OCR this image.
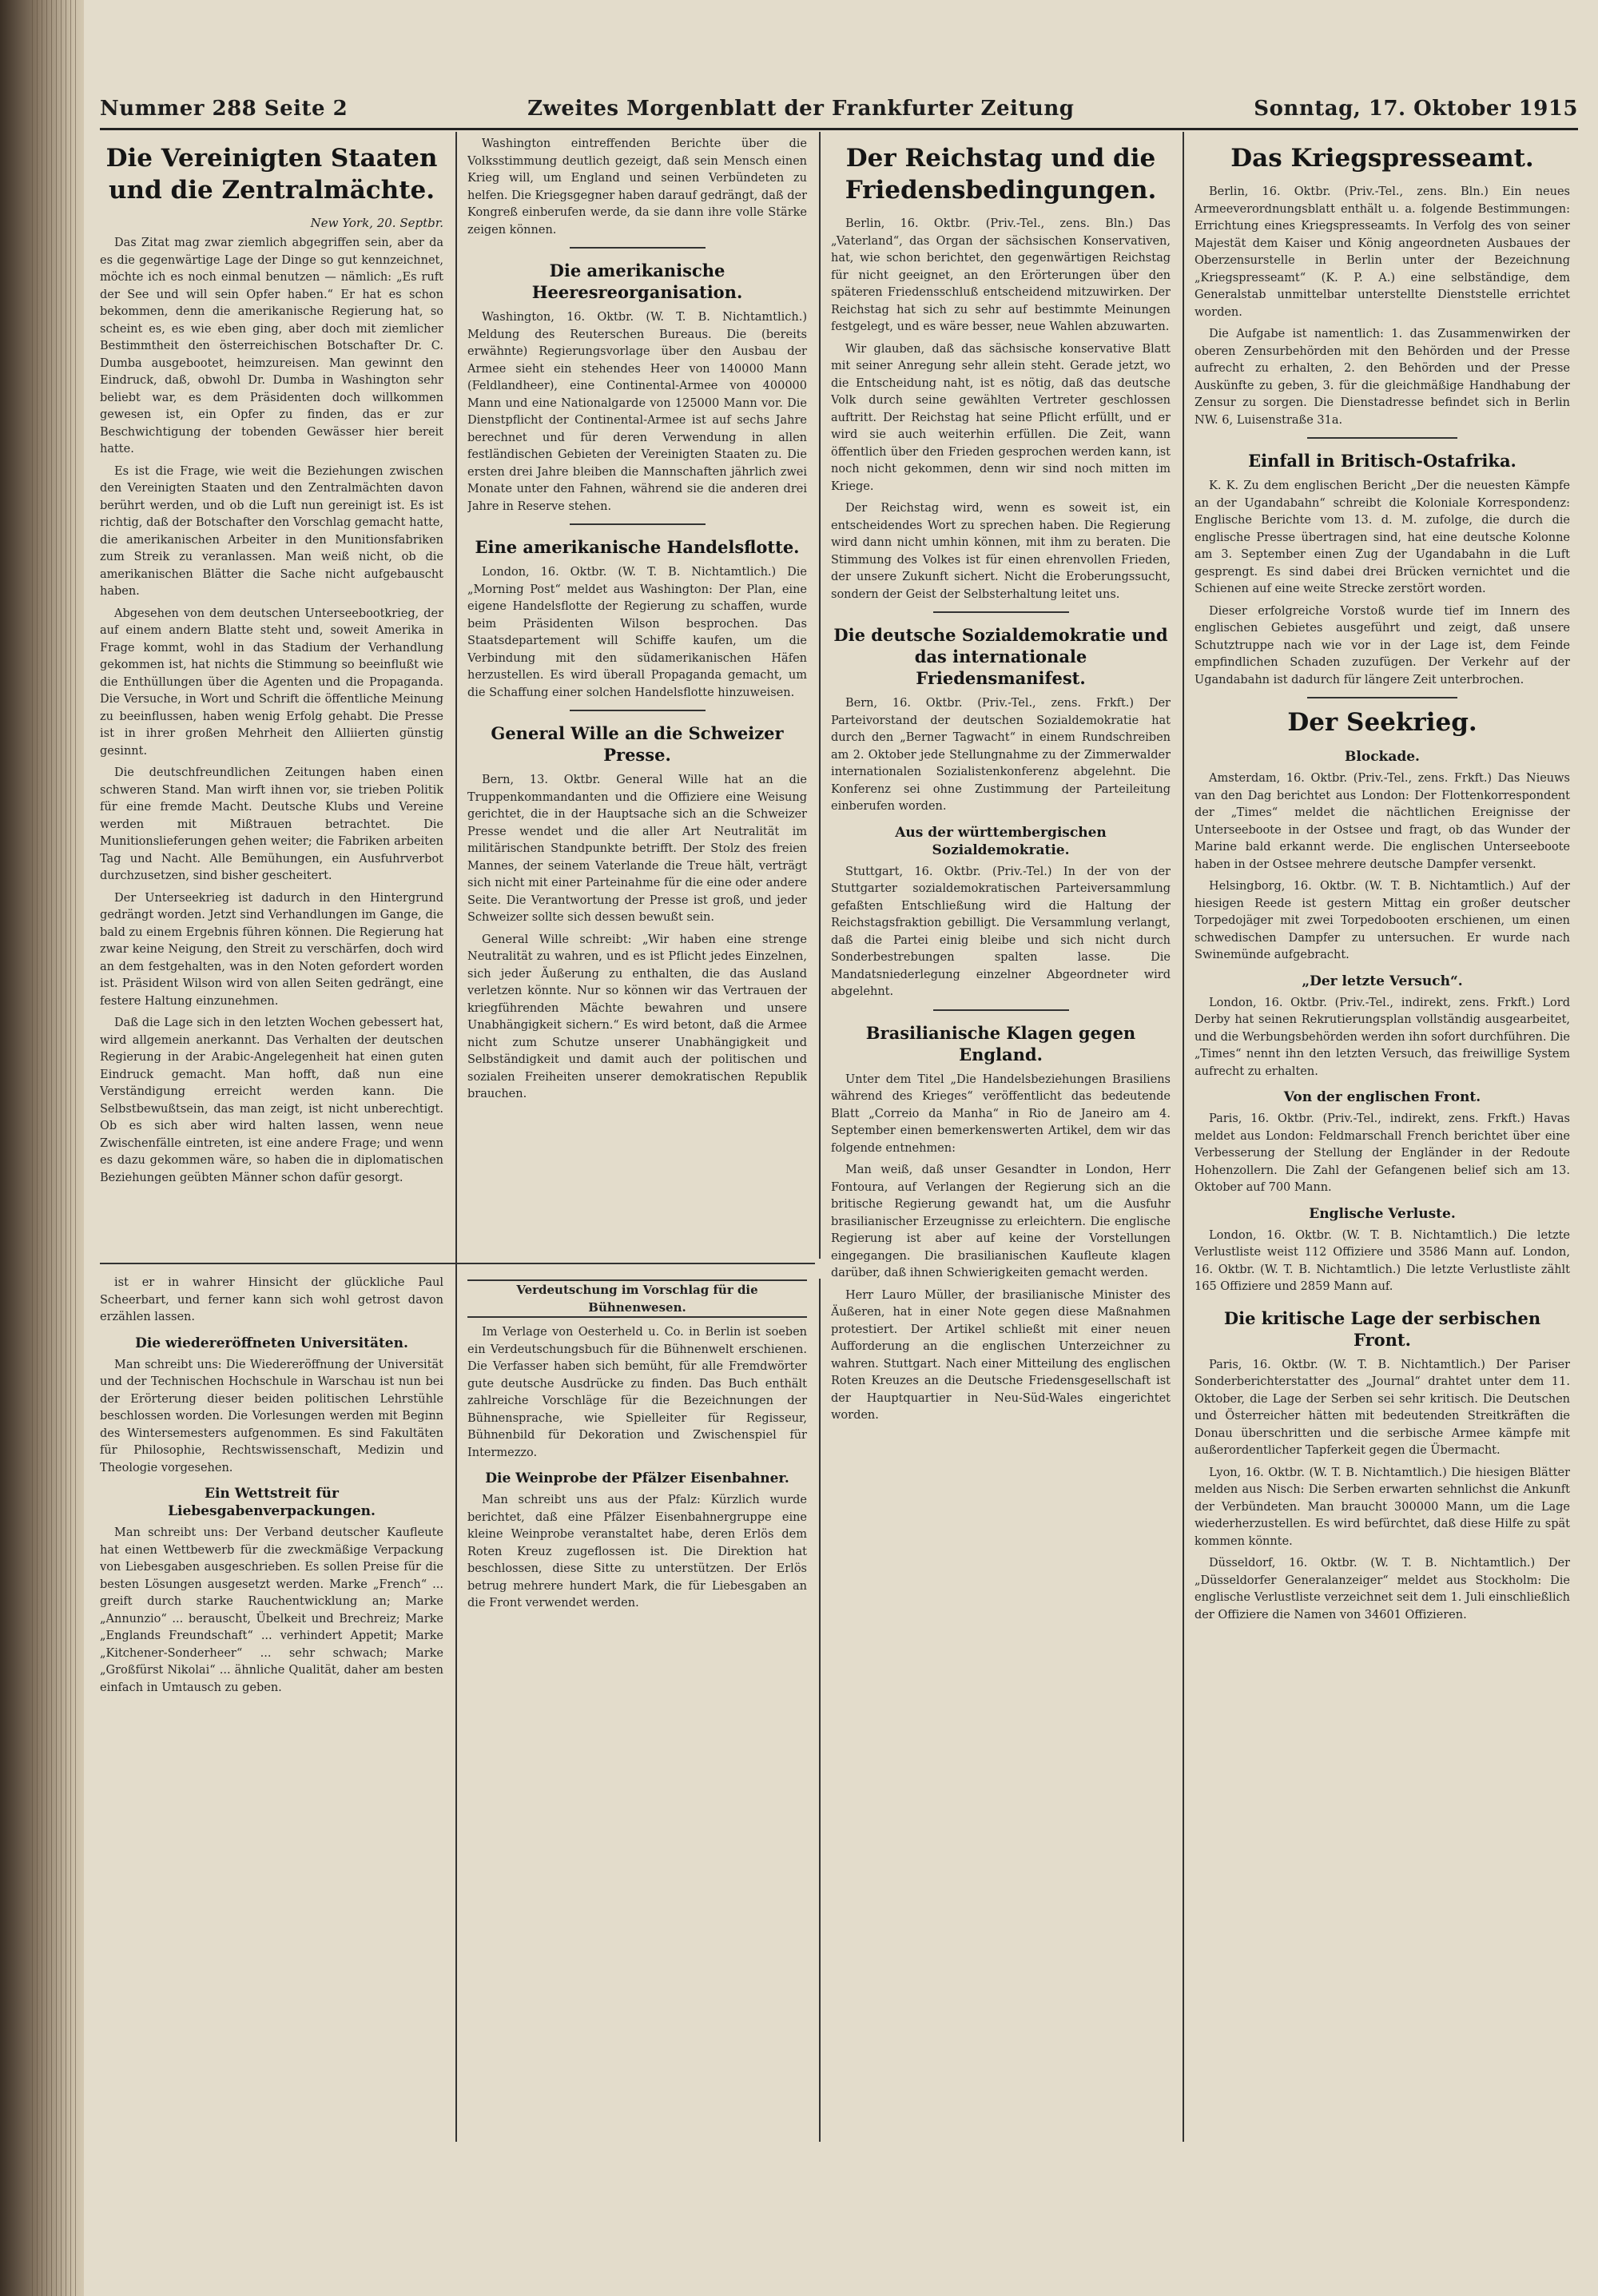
Nummer 288 Seite 2	Zweites Morgenblatt der Frankfurter Zeitung	Sonntag, 17. Oktober 1915
Die Vereinigten Staaten und die Zentralmächte.
New York, 20. Septbr.

Das Zitat mag zwar ziemlich abgegriffen sein, aber da es die gegenwärtige Lage der Dinge so gut kennzeichnet, möchte ich es noch einmal benutzen — nämlich: „Es ruft der See und will sein Opfer haben.“ Er hat es schon bekommen, denn die amerikanische Regierung hat, so scheint es, es wie eben ging, aber doch mit ziemlicher Bestimmtheit den österreichischen Botschafter Dr. C. Dumba ausgebootet, heimzureisen. Man gewinnt den Eindruck, daß, obwohl Dr. Dumba in Washington sehr beliebt war, es dem Präsidenten doch willkommen gewesen ist, ein Opfer zu finden, das er zur Beschwichtigung der tobenden Gewässer hier bereit hatte.

Es ist die Frage, wie weit die Beziehungen zwischen den Vereinigten Staaten und den Zentralmächten davon berührt werden, und ob die Luft nun gereinigt ist. Es ist richtig, daß der Botschafter den Vorschlag gemacht hatte, die amerikanischen Arbeiter in den Munitionsfabriken zum Streik zu veranlassen. Man weiß nicht, ob die amerikanischen Blätter die Sache nicht aufgebauscht haben.

Abgesehen von dem deutschen Unterseebootkrieg, der auf einem andern Blatte steht und, soweit Amerika in Frage kommt, wohl in das Stadium der Verhandlung gekommen ist, hat nichts die Stimmung so beeinflußt wie die Enthüllungen über die Agenten und die Propaganda. Die Versuche, in Wort und Schrift die öffentliche Meinung zu beeinflussen, haben wenig Erfolg gehabt. Die Presse ist in ihrer großen Mehrheit den Alliierten günstig gesinnt.

Die deutschfreundlichen Zeitungen haben einen schweren Stand. Man wirft ihnen vor, sie trieben Politik für eine fremde Macht. Deutsche Klubs und Vereine werden mit Mißtrauen betrachtet. Die Munitionslieferungen gehen weiter; die Fabriken arbeiten Tag und Nacht. Alle Bemühungen, ein Ausfuhrverbot durchzusetzen, sind bisher gescheitert.

Der Unterseekrieg ist dadurch in den Hintergrund gedrängt worden. Jetzt sind Verhandlungen im Gange, die bald zu einem Ergebnis führen können. Die Regierung hat zwar keine Neigung, den Streit zu verschärfen, doch wird an dem festgehalten, was in den Noten gefordert worden ist. Präsident Wilson wird von allen Seiten gedrängt, eine festere Haltung einzunehmen.

Daß die Lage sich in den letzten Wochen gebessert hat, wird allgemein anerkannt. Das Verhalten der deutschen Regierung in der Arabic-Angelegenheit hat einen guten Eindruck gemacht. Man hofft, daß nun eine Verständigung erreicht werden kann. Die Selbstbewußtsein, das man zeigt, ist nicht unberechtigt. Ob es sich aber wird halten lassen, wenn neue Zwischenfälle eintreten, ist eine andere Frage; und wenn es dazu gekommen wäre, so haben die in diplomatischen Beziehungen geübten Männer schon dafür gesorgt.

Washington eintreffenden Berichte über die Volksstimmung deutlich gezeigt, daß sein Mensch einen Krieg will, um England und seinen Verbündeten zu helfen. Die Kriegsgegner haben darauf gedrängt, daß der Kongreß einberufen werde, da sie dann ihre volle Stärke zeigen können.

Die amerikanische Heeresreorganisation.

Washington, 16. Oktbr. (W. T. B. Nichtamtlich.) Meldung des Reuterschen Bureaus. Die (bereits erwähnte) Regierungsvorlage über den Ausbau der Armee sieht ein stehendes Heer von 140000 Mann (Feldlandheer), eine Continental-Armee von 400000 Mann und eine Nationalgarde von 125000 Mann vor. Die Dienstpflicht der Continental-Armee ist auf sechs Jahre berechnet und für deren Verwendung in allen festländischen Gebieten der Vereinigten Staaten zu. Die ersten drei Jahre bleiben die Mannschaften jährlich zwei Monate unter den Fahnen, während sie die anderen drei Jahre in Reserve stehen.

Eine amerikanische Handelsflotte.

London, 16. Oktbr. (W. T. B. Nichtamtlich.) Die „Morning Post“ meldet aus Washington: Der Plan, eine eigene Handelsflotte der Regierung zu schaffen, wurde beim Präsidenten Wilson besprochen. Das Staatsdepartement will Schiffe kaufen, um die Verbindung mit den südamerikanischen Häfen herzustellen. Es wird überall Propaganda gemacht, um die Schaffung einer solchen Handelsflotte hinzuweisen.

General Wille an die Schweizer Presse.

Bern, 13. Oktbr. General Wille hat an die Truppenkommandanten und die Offiziere eine Weisung gerichtet, die in der Hauptsache sich an die Schweizer Presse wendet und die aller Art Neutralität im militärischen Standpunkte betrifft. Der Stolz des freien Mannes, der seinem Vaterlande die Treue hält, verträgt sich nicht mit einer Parteinahme für die eine oder andere Seite. Die Verantwortung der Presse ist groß, und jeder Schweizer sollte sich dessen bewußt sein.

General Wille schreibt: „Wir haben eine strenge Neutralität zu wahren, und es ist Pflicht jedes Einzelnen, sich jeder Äußerung zu enthalten, die das Ausland verletzen könnte. Nur so können wir das Vertrauen der kriegführenden Mächte bewahren und unsere Unabhängigkeit sichern.“ Es wird betont, daß die Armee nicht zum Schutze unserer Unabhängigkeit und Selbständigkeit und damit auch der politischen und sozialen Freiheiten unserer demokratischen Republik brauchen.

ist er in wahrer Hinsicht der glückliche Paul Scheerbart, und ferner kann sich wohl getrost davon erzählen lassen.

Die wiedereröffneten Universitäten.

Man schreibt uns: Die Wiedereröffnung der Universität und der Technischen Hochschule in Warschau ist nun bei der Erörterung dieser beiden politischen Lehrstühle beschlossen worden. Die Vorlesungen werden mit Beginn des Wintersemesters aufgenommen. Es sind Fakultäten für Philosophie, Rechtswissenschaft, Medizin und Theologie vorgesehen.

Ein Wettstreit für Liebesgabenverpackungen.

Man schreibt uns: Der Verband deutscher Kaufleute hat einen Wettbewerb für die zweckmäßige Verpackung von Liebesgaben ausgeschrieben. Es sollen Preise für die besten Lösungen ausgesetzt werden. Marke „French“ ... greift durch starke Rauchentwicklung an; Marke „Annunzio“ ... berauscht, Übelkeit und Brechreiz; Marke „Englands Freundschaft“ ... verhindert Appetit; Marke „Kitchener-Sonderheer“ ... sehr schwach; Marke „Großfürst Nikolai“ ... ähnliche Qualität, daher am besten einfach in Umtausch zu geben.

Verdeutschung im Vorschlag für die Bühnenwesen.

Im Verlage von Oesterheld u. Co. in Berlin ist soeben ein Verdeutschungsbuch für die Bühnenwelt erschienen. Die Verfasser haben sich bemüht, für alle Fremdwörter gute deutsche Ausdrücke zu finden. Das Buch enthält zahlreiche Vorschläge für die Bezeichnungen der Bühnensprache, wie Spielleiter für Regisseur, Bühnenbild für Dekoration und Zwischenspiel für Intermezzo.

Die Weinprobe der Pfälzer Eisenbahner.

Man schreibt uns aus der Pfalz: Kürzlich wurde berichtet, daß eine Pfälzer Eisenbahnergruppe eine kleine Weinprobe veranstaltet habe, deren Erlös dem Roten Kreuz zugeflossen ist. Die Direktion hat beschlossen, diese Sitte zu unterstützen. Der Erlös betrug mehrere hundert Mark, die für Liebesgaben an die Front verwendet werden.

Der Reichstag und die Friedensbedingungen.

Berlin, 16. Oktbr. (Priv.-Tel., zens. Bln.) Das „Vaterland“, das Organ der sächsischen Konservativen, hat, wie schon berichtet, den gegenwärtigen Reichstag für nicht geeignet, an den Erörterungen über den späteren Friedensschluß entscheidend mitzuwirken. Der Reichstag hat sich zu sehr auf bestimmte Meinungen festgelegt, und es wäre besser, neue Wahlen abzuwarten.

Wir glauben, daß das sächsische konservative Blatt mit seiner Anregung sehr allein steht. Gerade jetzt, wo die Entscheidung naht, ist es nötig, daß das deutsche Volk durch seine gewählten Vertreter geschlossen auftritt. Der Reichstag hat seine Pflicht erfüllt, und er wird sie auch weiterhin erfüllen. Die Zeit, wann öffentlich über den Frieden gesprochen werden kann, ist noch nicht gekommen, denn wir sind noch mitten im Kriege.

Der Reichstag wird, wenn es soweit ist, ein entscheidendes Wort zu sprechen haben. Die Regierung wird dann nicht umhin können, mit ihm zu beraten. Die Stimmung des Volkes ist für einen ehrenvollen Frieden, der unsere Zukunft sichert. Nicht die Eroberungssucht, sondern der Geist der Selbsterhaltung leitet uns.

Die deutsche Sozialdemokratie und das internationale Friedensmanifest.

Bern, 16. Oktbr. (Priv.-Tel., zens. Frkft.) Der Parteivorstand der deutschen Sozialdemokratie hat durch den „Berner Tagwacht“ in einem Rundschreiben am 2. Oktober jede Stellungnahme zu der Zimmerwalder internationalen Sozialistenkonferenz abgelehnt. Die Konferenz sei ohne Zustimmung der Parteileitung einberufen worden.

Aus der württembergischen Sozialdemokratie.

Stuttgart, 16. Oktbr. (Priv.-Tel.) In der von der Stuttgarter sozialdemokratischen Parteiversammlung gefaßten Entschließung wird die Haltung der Reichstagsfraktion gebilligt. Die Versammlung verlangt, daß die Partei einig bleibe und sich nicht durch Sonderbestrebungen spalten lasse. Die Mandatsniederlegung einzelner Abgeordneter wird abgelehnt.

Brasilianische Klagen gegen England.

Unter dem Titel „Die Handelsbeziehungen Brasiliens während des Krieges“ veröffentlicht das bedeutende Blatt „Correio da Manha“ in Rio de Janeiro am 4. September einen bemerkenswerten Artikel, dem wir das folgende entnehmen:

Man weiß, daß unser Gesandter in London, Herr Fontoura, auf Verlangen der Regierung sich an die britische Regierung gewandt hat, um die Ausfuhr brasilianischer Erzeugnisse zu erleichtern. Die englische Regierung ist aber auf keine der Vorstellungen eingegangen. Die brasilianischen Kaufleute klagen darüber, daß ihnen Schwierigkeiten gemacht werden.

Herr Lauro Müller, der brasilianische Minister des Äußeren, hat in einer Note gegen diese Maßnahmen protestiert. Der Artikel schließt mit einer neuen Aufforderung an die englischen Unterzeichner zu wahren. Stuttgart. Nach einer Mitteilung des englischen Roten Kreuzes an die Deutsche Friedensgesellschaft ist der Hauptquartier in Neu-Süd-Wales eingerichtet worden.

Das Kriegspresseamt.

Berlin, 16. Oktbr. (Priv.-Tel., zens. Bln.) Ein neues Armeeverordnungsblatt enthält u. a. folgende Bestimmungen: Errichtung eines Kriegspresseamts. In Verfolg des von seiner Majestät dem Kaiser und König angeordneten Ausbaues der Oberzensurstelle in Berlin unter der Bezeichnung „Kriegspresseamt“ (K. P. A.) eine selbständige, dem Generalstab unmittelbar unterstellte Dienststelle errichtet worden.

Die Aufgabe ist namentlich: 1. das Zusammenwirken der oberen Zensurbehörden mit den Behörden und der Presse aufrecht zu erhalten, 2. den Behörden und der Presse Auskünfte zu geben, 3. für die gleichmäßige Handhabung der Zensur zu sorgen. Die Dienstadresse befindet sich in Berlin NW. 6, Luisenstraße 31a.

Einfall in Britisch-Ostafrika.

K. K. Zu dem englischen Bericht „Der die neuesten Kämpfe an der Ugandabahn“ schreibt die Koloniale Korrespondenz: Englische Berichte vom 13. d. M. zufolge, die durch die englische Presse übertragen sind, hat eine deutsche Kolonne am 3. September einen Zug der Ugandabahn in die Luft gesprengt. Es sind dabei drei Brücken vernichtet und die Schienen auf eine weite Strecke zerstört worden.

Dieser erfolgreiche Vorstoß wurde tief im Innern des englischen Gebietes ausgeführt und zeigt, daß unsere Schutztruppe nach wie vor in der Lage ist, dem Feinde empfindlichen Schaden zuzufügen. Der Verkehr auf der Ugandabahn ist dadurch für längere Zeit unterbrochen.

Der Seekrieg.
Blockade.

Amsterdam, 16. Oktbr. (Priv.-Tel., zens. Frkft.) Das Nieuws van den Dag berichtet aus London: Der Flottenkorrespondent der „Times“ meldet die nächtlichen Ereignisse der Unterseeboote in der Ostsee und fragt, ob das Wunder der Marine bald erkannt werde. Die englischen Unterseeboote haben in der Ostsee mehrere deutsche Dampfer versenkt.

Helsingborg, 16. Oktbr. (W. T. B. Nichtamtlich.) Auf der hiesigen Reede ist gestern Mittag ein großer deutscher Torpedojäger mit zwei Torpedobooten erschienen, um einen schwedischen Dampfer zu untersuchen. Er wurde nach Swinemünde aufgebracht.

„Der letzte Versuch“.

London, 16. Oktbr. (Priv.-Tel., indirekt, zens. Frkft.) Lord Derby hat seinen Rekrutierungsplan vollständig ausgearbeitet, und die Werbungsbehörden werden ihn sofort durchführen. Die „Times“ nennt ihn den letzten Versuch, das freiwillige System aufrecht zu erhalten.

Von der englischen Front.

Paris, 16. Oktbr. (Priv.-Tel., indirekt, zens. Frkft.) Havas meldet aus London: Feldmarschall French berichtet über eine Verbesserung der Stellung der Engländer in der Redoute Hohenzollern. Die Zahl der Gefangenen belief sich am 13. Oktober auf 700 Mann.

Englische Verluste.

London, 16. Oktbr. (W. T. B. Nichtamtlich.) Die letzte Verlustliste weist 112 Offiziere und 3586 Mann auf. London, 16. Oktbr. (W. T. B. Nichtamtlich.) Die letzte Verlustliste zählt 165 Offiziere und 2859 Mann auf.

Die kritische Lage der serbischen Front.

Paris, 16. Oktbr. (W. T. B. Nichtamtlich.) Der Pariser Sonderberichterstatter des „Journal“ drahtet unter dem 11. Oktober, die Lage der Serben sei sehr kritisch. Die Deutschen und Österreicher hätten mit bedeutenden Streitkräften die Donau überschritten und die serbische Armee kämpfe mit außerordentlicher Tapferkeit gegen die Übermacht.

Lyon, 16. Oktbr. (W. T. B. Nichtamtlich.) Die hiesigen Blätter melden aus Nisch: Die Serben erwarten sehnlichst die Ankunft der Verbündeten. Man braucht 300000 Mann, um die Lage wiederherzustellen. Es wird befürchtet, daß diese Hilfe zu spät kommen könnte.

Düsseldorf, 16. Oktbr. (W. T. B. Nichtamtlich.) Der „Düsseldorfer Generalanzeiger“ meldet aus Stockholm: Die englische Verlustliste verzeichnet seit dem 1. Juli einschließlich der Offiziere die Namen von 34601 Offizieren.
